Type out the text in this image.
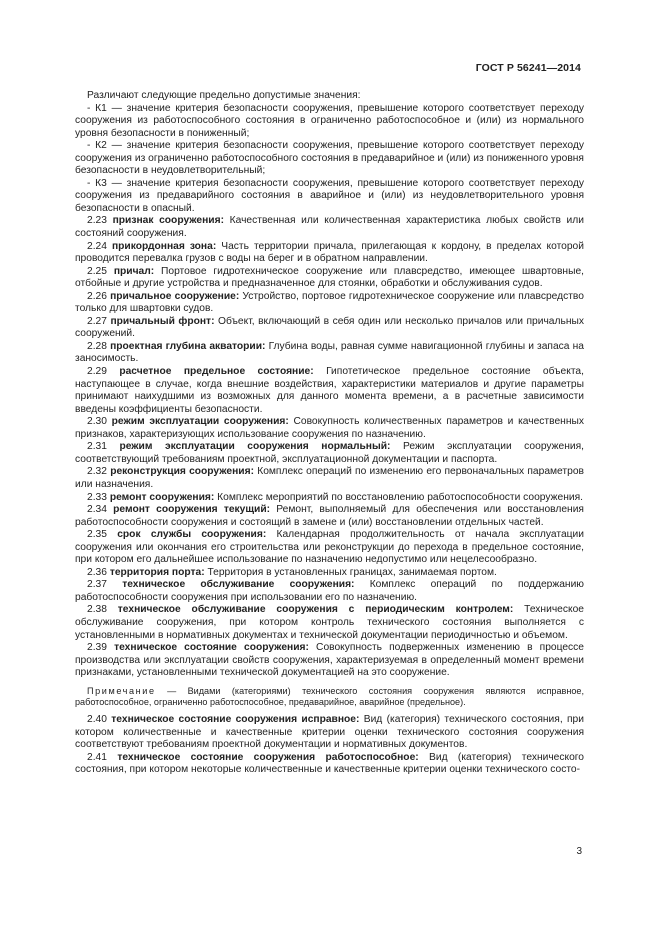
ГОСТ Р 56241—2014

Различают следующие предельно допустимые значения:

- К1 — значение критерия безопасности сооружения, превышение которого соответствует переходу сооружения из работоспособного состояния в ограниченно работоспособное и (или) из нормального уровня безопасности в пониженный;

- К2 — значение критерия безопасности сооружения, превышение которого соответствует переходу сооружения из ограниченно работоспособного состояния в предаварийное и (или) из пониженного уровня безопасности в неудовлетворительный;

- К3 — значение критерия безопасности сооружения, превышение которого соответствует переходу сооружения из предаварийного состояния в аварийное и (или) из неудовлетворительного уровня безопасности в опасный.

2.23 признак сооружения: Качественная или количественная характеристика любых свойств или состояний сооружения.

2.24 прикордонная зона: Часть территории причала, прилегающая к кордону, в пределах которой проводится перевалка грузов с воды на берег и в обратном направлении.

2.25 причал: Портовое гидротехническое сооружение или плавсредство, имеющее швартовные, отбойные и другие устройства и предназначенное для стоянки, обработки и обслуживания судов.

2.26 причальное сооружение: Устройство, портовое гидротехническое сооружение или плавсредство только для швартовки судов.

2.27 причальный фронт: Объект, включающий в себя один или несколько причалов или причальных сооружений.

2.28 проектная глубина акватории: Глубина воды, равная сумме навигационной глубины и запаса на заносимость.

2.29 расчетное предельное состояние: Гипотетическое предельное состояние объекта, наступающее в случае, когда внешние воздействия, характеристики материалов и другие параметры принимают наихудшими из возможных для данного момента времени, а в расчетные зависимости введены коэффициенты безопасности.

2.30 режим эксплуатации сооружения: Совокупность количественных параметров и качественных признаков, характеризующих использование сооружения по назначению.

2.31 режим эксплуатации сооружения нормальный: Режим эксплуатации сооружения, соответствующий требованиям проектной, эксплуатационной документации и паспорта.

2.32 реконструкция сооружения: Комплекс операций по изменению его первоначальных параметров или назначения.

2.33 ремонт сооружения: Комплекс мероприятий по восстановлению работоспособности сооружения.

2.34 ремонт сооружения текущий: Ремонт, выполняемый для обеспечения или восстановления работоспособности сооружения и состоящий в замене и (или) восстановлении отдельных частей.

2.35 срок службы сооружения: Календарная продолжительность от начала эксплуатации сооружения или окончания его строительства или реконструкции до перехода в предельное состояние, при котором его дальнейшее использование по назначению недопустимо или нецелесообразно.

2.36 территория порта: Территория в установленных границах, занимаемая портом.

2.37 техническое обслуживание сооружения: Комплекс операций по поддержанию работоспособности сооружения при использовании его по назначению.

2.38 техническое обслуживание сооружения с периодическим контролем: Техническое обслуживание сооружения, при котором контроль технического состояния выполняется с установленными в нормативных документах и технической документации периодичностью и объемом.

2.39 техническое состояние сооружения: Совокупность подверженных изменению в процессе производства или эксплуатации свойств сооружения, характеризуемая в определенный момент времени признаками, установленными технической документацией на это сооружение.

Примечание — Видами (категориями) технического состояния сооружения являются исправное, работоспособное, ограниченно работоспособное, предаварийное, аварийное (предельное).

2.40 техническое состояние сооружения исправное: Вид (категория) технического состояния, при котором количественные и качественные критерии оценки технического состояния сооружения соответствуют требованиям проектной документации и нормативных документов.

2.41 техническое состояние сооружения работоспособное: Вид (категория) технического состояния, при котором некоторые количественные и качественные критерии оценки технического состо-

3
